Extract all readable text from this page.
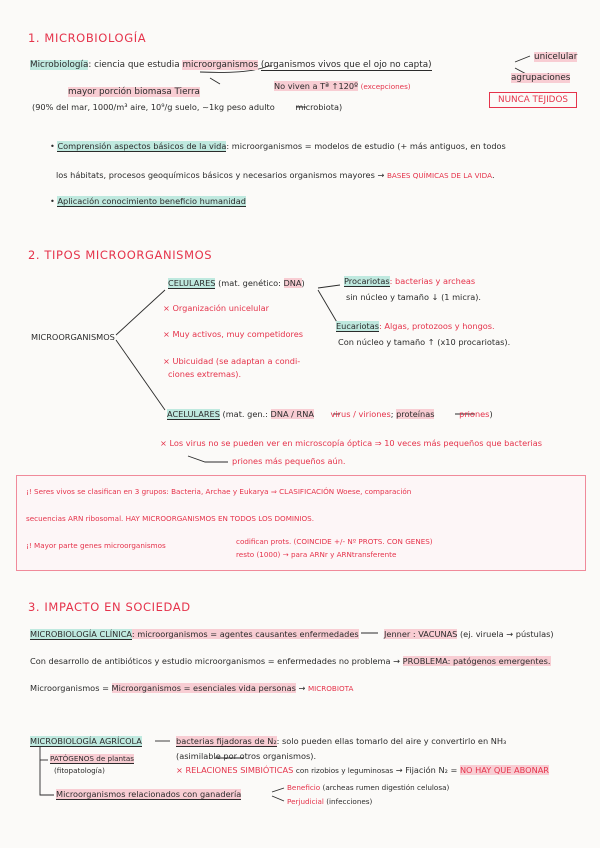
1. MICROBIOLOGÍA
Microbiología: ciencia que estudia microorganismos (organismos vivos que el ojo no capta)
unicelular
agrupaciones
No viven a Tª ↑120º (excepciones)
mayor porción biomasa Tierra
NUNCA TEJIDOS
(90% del mar, 1000/m³ aire, 10⁹/g suelo, ~1kg peso adulto	microbiota)
• Comprensión aspectos básicos de la vida: microorganismos = modelos de estudio (+ más antiguos, en todos
los hábitats, procesos geoquímicos básicos y necesarios organismos mayores → BASES QUÍMICAS DE LA VIDA.
• Aplicación conocimiento beneficio humanidad
2. TIPOS MICROORGANISMOS
MICROORGANISMOS
CELULARES (mat. genético: DNA)	Procariotas: bacterias y archeas
sin núcleo y tamaño ↓ (1 micra).
Eucariotas: Algas, protozoos y hongos.
Con núcleo y tamaño ↑ (x10 procariotas).
× Organización unicelular
× Muy activos, muy competidores
× Ubicuidad (se adaptan a condi-
ciones extremas).
ACELULARES (mat. gen.: DNA / RNA virus / viriones; proteínas	priones)
× Los virus no se pueden ver en microscopía óptica ⇒ 10 veces más pequeños que bacterias
priones más pequeños aún.
¡! Seres vivos se clasifican en 3 grupos: Bacteria, Archae y Eukarya ⇒ CLASIFICACIÓN Woese, comparación
secuencias ARN ribosomal. HAY MICROORGANISMOS EN TODOS LOS DOMINIOS.
¡! Mayor parte genes microorganismos	codifican prots. (COINCIDE +/- Nº PROTS. CON GENES)
resto (1000) → para ARNr y ARNtransferente
3. IMPACTO EN SOCIEDAD
MICROBIOLOGÍA CLÍNICA: microorganismos = agentes causantes enfermedades	Jenner : VACUNAS (ej. viruela → pústulas)
Con desarrollo de antibióticos y estudio microorganismos = enfermedades no problema → PROBLEMA: patógenos emergentes.
Microorganismos = Microorganismos = esenciales vida personas → MICROBIOTA
MICROBIOLOGÍA AGRÍCOLA	bacterias fijadoras de N₂: solo pueden ellas tomarlo del aire y convertirlo en NH₃
(asimilable por otros organismos).
× RELACIONES SIMBIÓTICAS con rizobios y leguminosas → Fijación N₂ = NO HAY QUE ABONAR
PATÓGENOS de plantas
(fitopatología)
Microorganismos relacionados con ganadería
Beneficio (archeas rumen digestión celulosa)
Perjudicial (infecciones)
